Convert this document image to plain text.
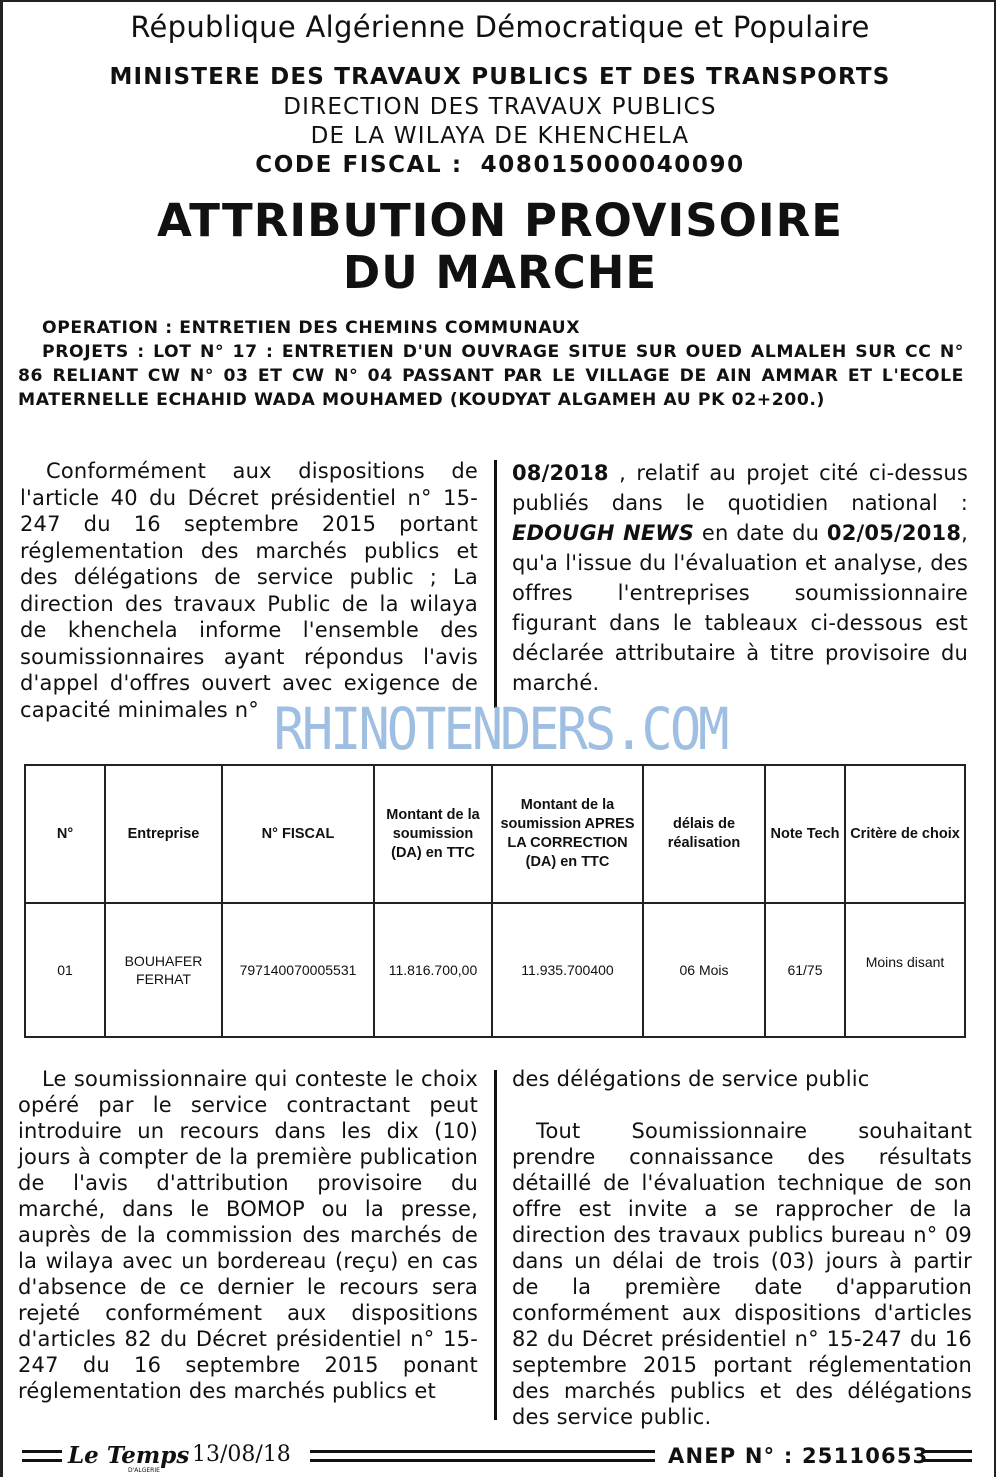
République Algérienne Démocratique et Populaire
MINISTERE DES TRAVAUX PUBLICS ET DES TRANSPORTS
DIRECTION DES TRAVAUX PUBLICS
DE LA WILAYA DE KHENCHELA
CODE FISCAL : 408015000040090
ATTRIBUTION PROVISOIRE
DU MARCHE
OPERATION : ENTRETIEN DES CHEMINS COMMUNAUX
PROJETS : LOT N° 17 : ENTRETIEN D'UN OUVRAGE SITUE SUR OUED ALMALEH SUR CC N° 86 RELIANT CW N° 03 ET CW N° 04 PASSANT PAR LE VILLAGE DE AIN AMMAR ET L'ECOLE MATERNELLE ECHAHID WADA MOUHAMED (KOUDYAT ALGAMEH AU PK 02+200.)
Conformément aux dispositions de l'article 40 du Décret présidentiel n° 15-247 du 16 septembre 2015 portant réglementation des marchés publics et des délégations de service public ; La direction des travaux Public de la wilaya de khenchela informe l'ensemble des soumissionnaires ayant répondus l'avis d'appel d'offres ouvert avec exigence de capacité minimales n°
08/2018 , relatif au projet cité ci-dessus publiés dans le quotidien national : EDOUGH NEWS en date du 02/05/2018, qu'a l'issue du l'évaluation et analyse, des offres l'entreprises soumissionnaire figurant dans le tableaux ci-dessous est déclarée attributaire à titre provisoire du marché.
N°	Entreprise	N° FISCAL	Montant de la soumission (DA) en TTC	Montant de la soumission APRES LA CORRECTION (DA) en TTC	délais de réalisation	Note Tech	Critère de choix
01	BOUHAFER FERHAT	797140070005531	11.816.700,00	11.935.700400	06 Mois	61/75	Moins disant
Le soumissionnaire qui conteste le choix opéré par le service contractant peut introduire un recours dans les dix (10) jours à compter de la première publication de l'avis d'attribution provisoire du marché, dans le BOMOP ou la presse, auprès de la commission des marchés de la wilaya avec un bordereau (reçu) en cas d'absence de ce dernier le recours sera rejeté conformément aux dispositions d'articles 82 du Décret présidentiel n° 15-247 du 16 septembre 2015 ponant réglementation des marchés publics et

des délégations de service public

Tout Soumissionnaire souhaitant prendre connaissance des résultats détaillé de l'évaluation technique de son offre est invite a se rapprocher de la direction des travaux publics bureau n° 09 dans un délai de trois (03) jours à partir de la première date d'apparution conformément aux dispositions d'articles 82 du Décret présidentiel n° 15-247 du 16 septembre 2015 portant réglementation des marchés publics et des délégations des service public.

RHINOTENDERS.COM
Le Temps
D'ALGERIE
13/08/18	ANEP N° : 25110653
